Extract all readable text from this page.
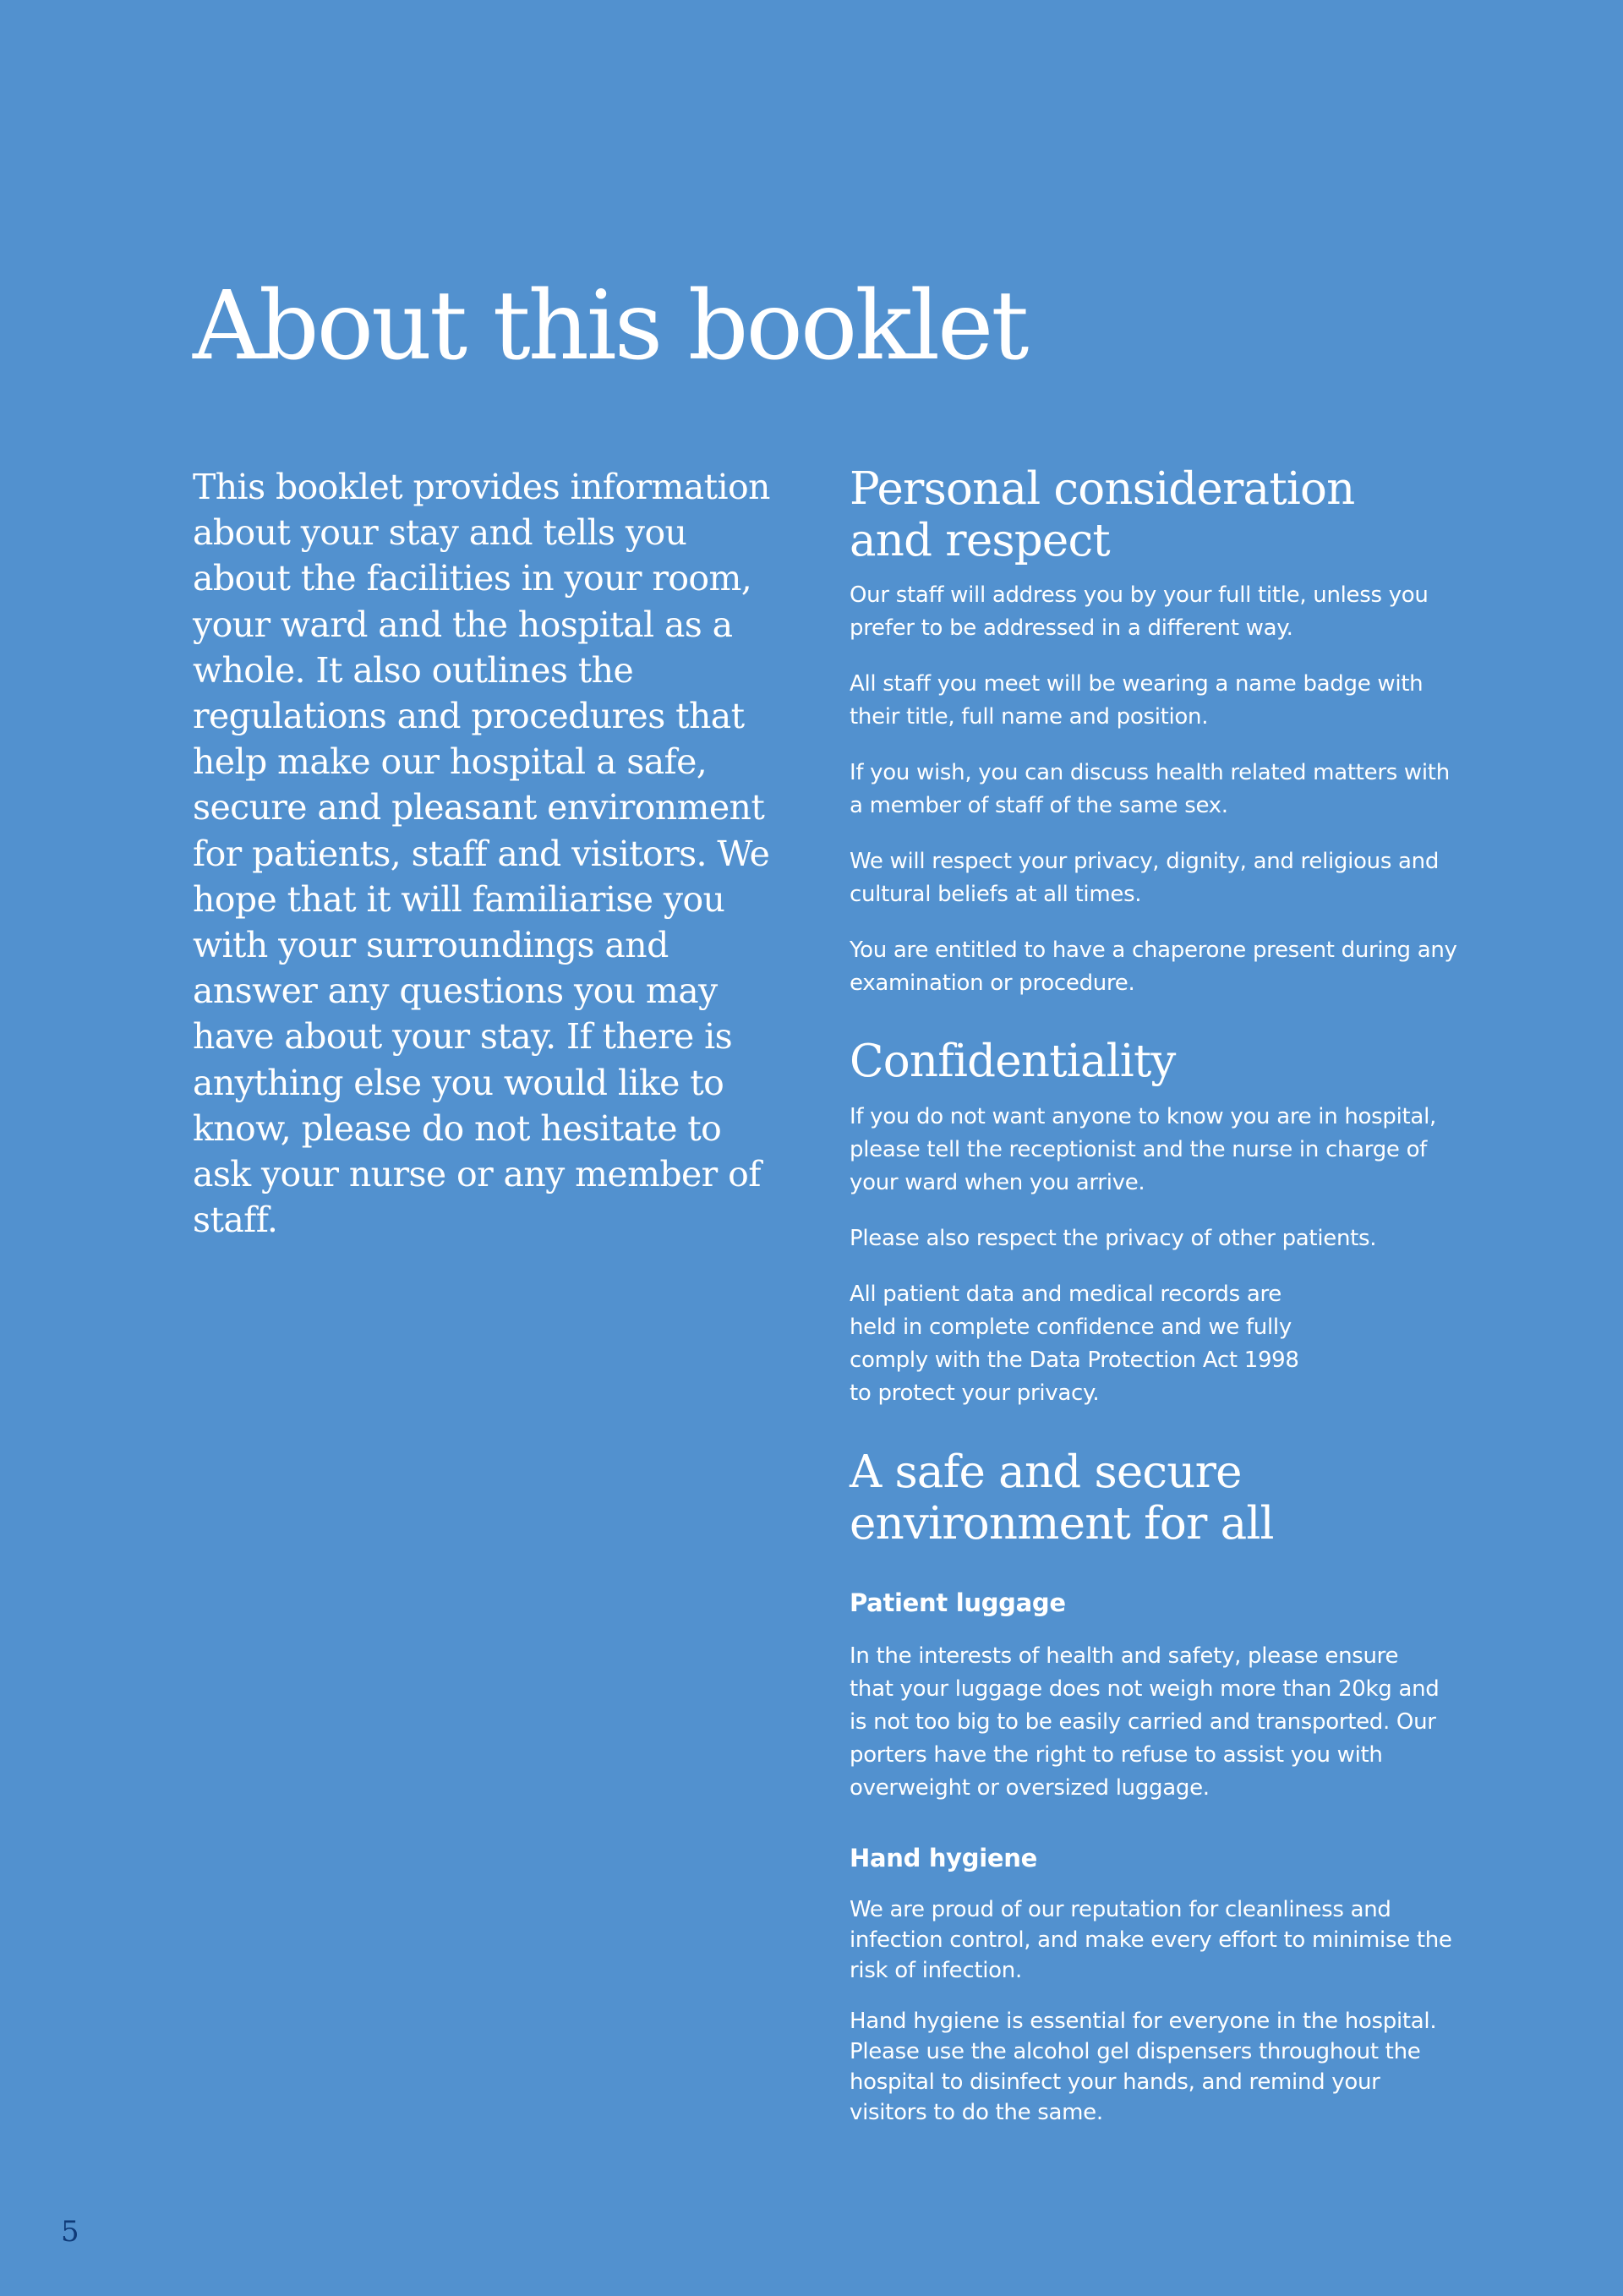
About this booklet

This booklet provides information about your stay and tells you about the facilities in your room, your ward and the hospital as a whole. It also outlines the regulations and procedures that help make our hospital a safe, secure and pleasant environment for patients, staff and visitors. We hope that it will familiarise you with your surroundings and answer any questions you may have about your stay. If there is anything else you would like to know, please do not hesitate to ask your nurse or any member of staff.

Personal consideration
and respect

Our staff will address you by your full title, unless you prefer to be addressed in a different way.

All staff you meet will be wearing a name badge with their title, full name and position.

If you wish, you can discuss health related matters with a member of staff of the same sex.

We will respect your privacy, dignity, and religious and cultural beliefs at all times.

You are entitled to have a chaperone present during any examination or procedure.

Confidentiality

If you do not want anyone to know you are in hospital, please tell the receptionist and the nurse in charge of your ward when you arrive.

Please also respect the privacy of other patients.

All patient data and medical records are held in complete confidence and we fully comply with the Data Protection Act 1998 to protect your privacy.

A safe and secure
environment for all
Patient luggage

In the interests of health and safety, please ensure that your luggage does not weigh more than 20kg and is not too big to be easily carried and transported. Our porters have the right to refuse to assist you with overweight or oversized luggage.

Hand hygiene

We are proud of our reputation for cleanliness and infection control, and make every effort to minimise the risk of infection.

Hand hygiene is essential for everyone in the hospital. Please use the alcohol gel dispensers throughout the hospital to disinfect your hands, and remind your visitors to do the same.

5
